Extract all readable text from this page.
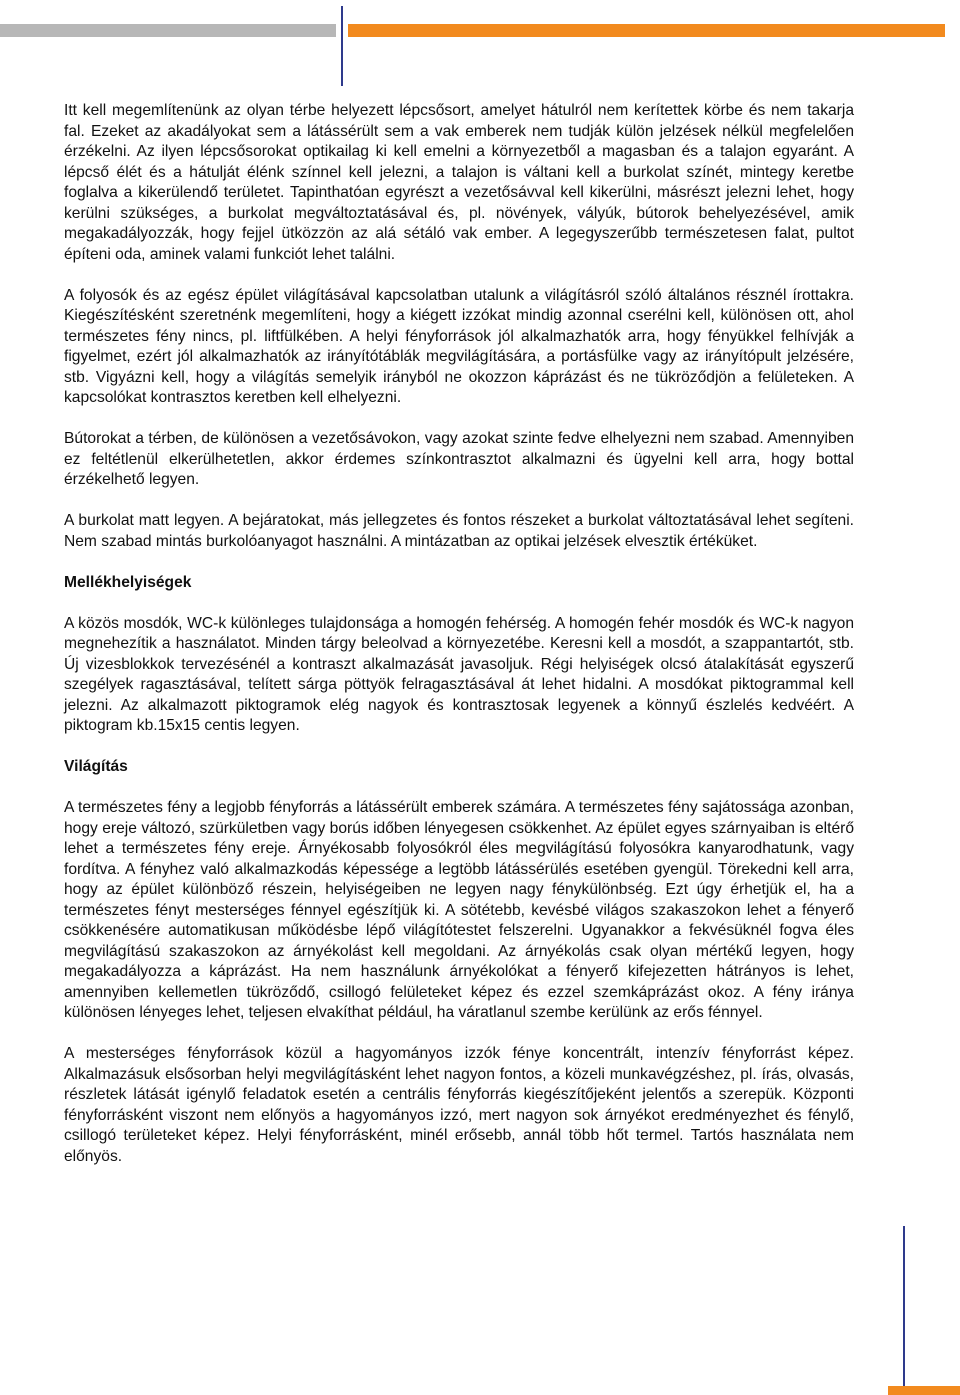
Itt kell megemlítenünk az olyan térbe helyezett lépcsősort, amelyet hátulról nem kerítettek körbe és nem takarja fal. Ezeket az akadályokat sem a látássérült sem a vak emberek nem tudják külön jelzések nélkül megfelelően érzékelni. Az ilyen lépcsősorokat optikailag ki kell emelni a környezetből a magasban és a talajon egyaránt. A lépcső élét és a hátulját élénk színnel kell jelezni, a talajon is váltani kell a burkolat színét, mintegy keretbe foglalva a kikerülendő területet. Tapinthatóan egyrészt a vezetősávval kell kikerülni, másrészt jelezni lehet, hogy kerülni szükséges, a burkolat megváltoztatásával és, pl. növények, vályúk, bútorok behelyezésével, amik megakadályozzák, hogy fejjel ütközzön az alá sétáló vak ember. A legegyszerűbb természetesen falat, pultot építeni oda, aminek valami funkciót lehet találni.

A folyosók és az egész épület világításával kapcsolatban utalunk a világításról szóló általános résznél írottakra. Kiegészítésként szeretnénk megemlíteni, hogy a kiégett izzókat mindig azonnal cserélni kell, különösen ott, ahol természetes fény nincs, pl. liftfülkében. A helyi fényforrások jól alkalmazhatók arra, hogy fényükkel felhívják a figyelmet, ezért jól alkalmazhatók az irányítótáblák megvilágítására, a portásfülke vagy az irányítópult jelzésére, stb. Vigyázni kell, hogy a világítás semelyik irányból ne okozzon káprázást és ne tükröződjön a felületeken. A kapcsolókat kontrasztos keretben kell elhelyezni.

Bútorokat a térben, de különösen a vezetősávokon, vagy azokat szinte fedve elhelyezni nem szabad. Amennyiben ez feltétlenül elkerülhetetlen, akkor érdemes színkontrasztot alkalmazni és ügyelni kell arra, hogy bottal érzékelhető legyen.

A burkolat matt legyen. A bejáratokat, más jellegzetes és fontos részeket a burkolat változtatásával lehet segíteni. Nem szabad mintás burkolóanyagot használni. A mintázatban az optikai jelzések elvesztik értéküket.

Mellékhelyiségek

A közös mosdók, WC-k különleges tulajdonsága a homogén fehérség. A homogén fehér mosdók és WC-k nagyon megnehezítik a használatot. Minden tárgy beleolvad a környezetébe. Keresni kell a mosdót, a szappantartót, stb. Új vizesblokkok tervezésénél a kontraszt alkalmazását javasoljuk. Régi helyiségek olcsó átalakítását egyszerű szegélyek ragasztásával, telített sárga pöttyök felragasztásával át lehet hidalni. A mosdókat piktogrammal kell jelezni. Az alkalmazott piktogramok elég nagyok és kontrasztosak legyenek a könnyű észlelés kedvéért. A piktogram kb.15x15 centis legyen.

Világítás

A természetes fény a legjobb fényforrás a látássérült emberek számára. A természetes fény sajátossága azonban, hogy ereje változó, szürkületben vagy borús időben lényegesen csökkenhet. Az épület egyes szárnyaiban is eltérő lehet a természetes fény ereje. Árnyékosabb folyosókról éles megvilágítású folyosókra kanyarodhatunk, vagy fordítva. A fényhez való alkalmazkodás képessége a legtöbb látássérülés esetében gyengül. Törekedni kell arra, hogy az épület különböző részein, helyiségeiben ne legyen nagy fénykülönbség. Ezt úgy érhetjük el, ha a természetes fényt mesterséges fénnyel egészítjük ki. A sötétebb, kevésbé világos szakaszokon lehet a fényerő csökkenésére automatikusan működésbe lépő világítótestet felszerelni. Ugyanakkor a fekvésüknél fogva éles megvilágítású szakaszokon az árnyékolást kell megoldani. Az árnyékolás csak olyan mértékű legyen, hogy megakadályozza a káprázást. Ha nem használunk árnyékolókat a fényerő kifejezetten hátrányos is lehet, amennyiben kellemetlen tükröződő, csillogó felületeket képez és ezzel szemkáprázást okoz. A fény iránya különösen lényeges lehet, teljesen elvakíthat például, ha váratlanul szembe kerülünk az erős fénnyel.

A mesterséges fényforrások közül a hagyományos izzók fénye koncentrált, intenzív fényforrást képez. Alkalmazásuk elsősorban helyi megvilágításként lehet nagyon fontos, a közeli munkavégzéshez, pl. írás, olvasás, részletek látását igénylő feladatok esetén a centrális fényforrás kiegészítőjeként jelentős a szerepük. Központi fényforrásként viszont nem előnyös a hagyományos izzó, mert nagyon sok árnyékot eredményezhet és fénylő, csillogó területeket képez. Helyi fényforrásként, minél erősebb, annál több hőt termel. Tartós használata nem előnyös.
